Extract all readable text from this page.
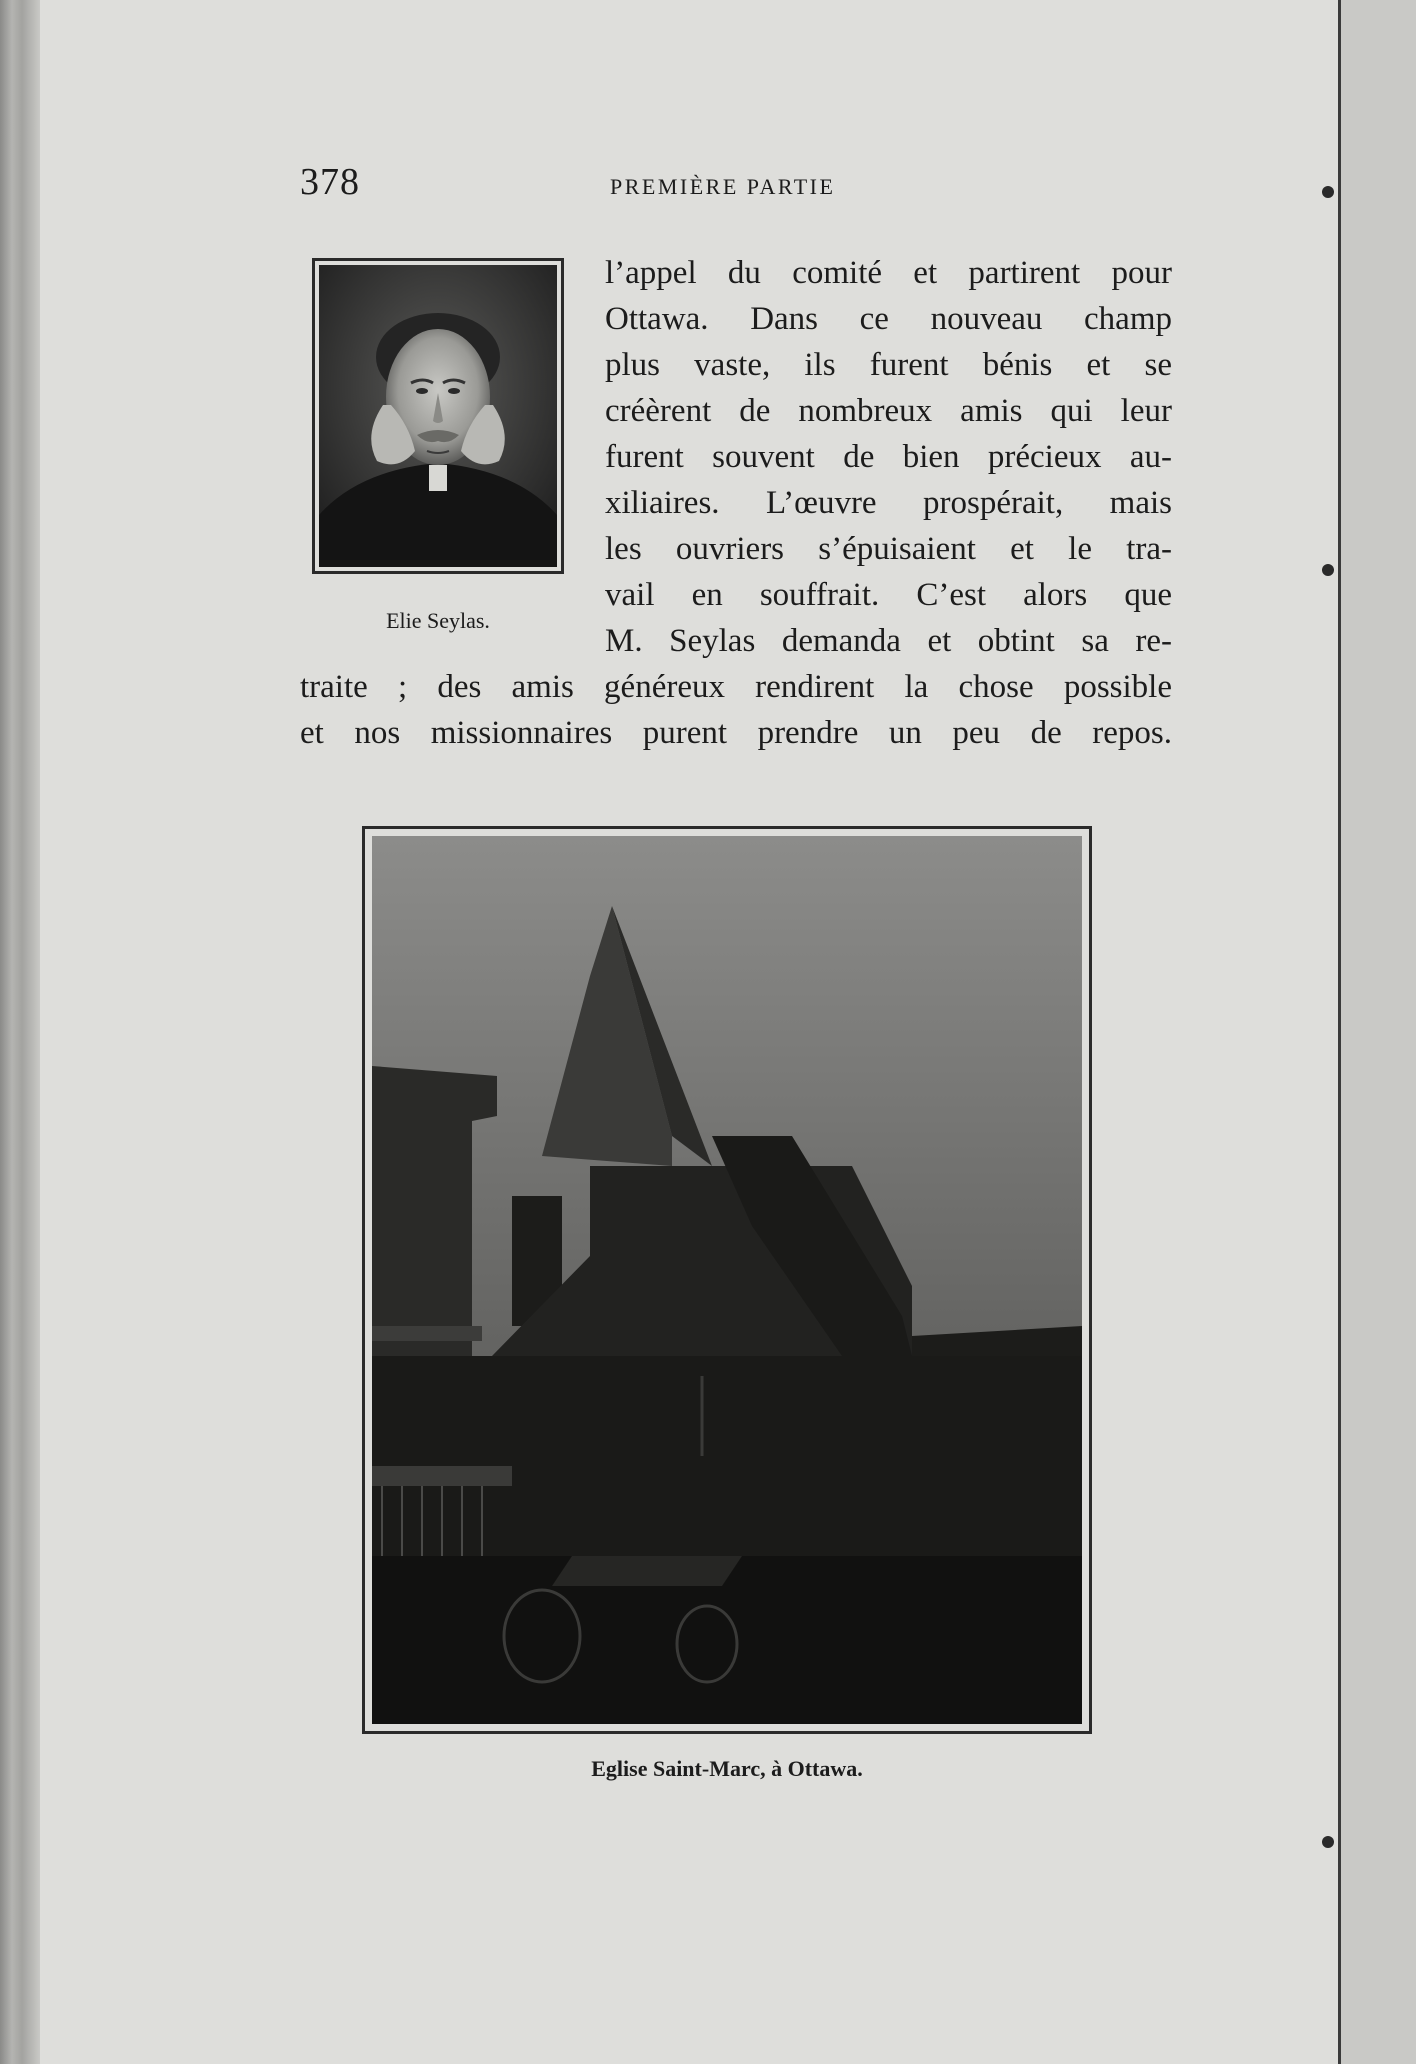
378	PREMIÈRE PARTIE
Elie Seylas.
l’appel du comité et partirent pour
Ottawa. Dans ce nouveau champ
plus vaste, ils furent bénis et se
créèrent de nombreux amis qui leur
furent souvent de bien précieux au-
xiliaires. L’œuvre prospérait, mais
les ouvriers s’épuisaient et le tra-
vail en souffrait. C’est alors que
M. Seylas demanda et obtint sa re-
traite ; des amis généreux rendirent la chose possible
et nos missionnaires purent prendre un peu de repos.
Eglise Saint-Marc, à Ottawa.
